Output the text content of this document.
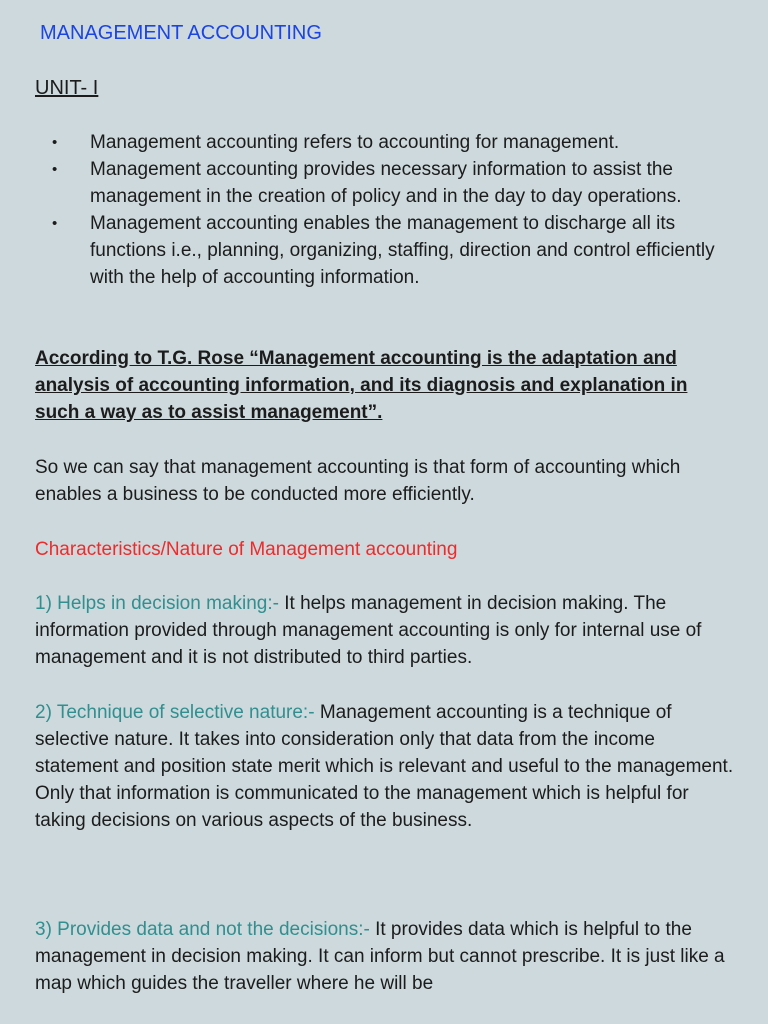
MANAGEMENT ACCOUNTING
UNIT- I
• Management accounting refers to accounting for management.
• Management accounting provides necessary information to assist the management in the creation of policy and in the day to day operations.
• Management accounting enables the management to discharge all its functions i.e., planning, organizing, staffing, direction and control efficiently with the help of accounting information.

According to T.G. Rose “Management accounting is the adaptation and analysis of accounting information, and its diagnosis and explanation in such a way as to assist management”.

So we can say that management accounting is that form of accounting which enables a business to be conducted more efficiently.

Characteristics/Nature of Management accounting

1) Helps in decision making:- It helps management in decision making. The information provided through management accounting is only for internal use of management and it is not distributed to third parties.

2) Technique of selective nature:- Management accounting is a technique of selective nature. It takes into consideration only that data from the income statement and position state merit which is relevant and useful to the management. Only that information is communicated to the management which is helpful for taking decisions on various aspects of the business.

3) Provides data and not the decisions:- It provides data which is helpful to the management in decision making. It can inform but cannot prescribe. It is just like a map which guides the traveller where he will be
